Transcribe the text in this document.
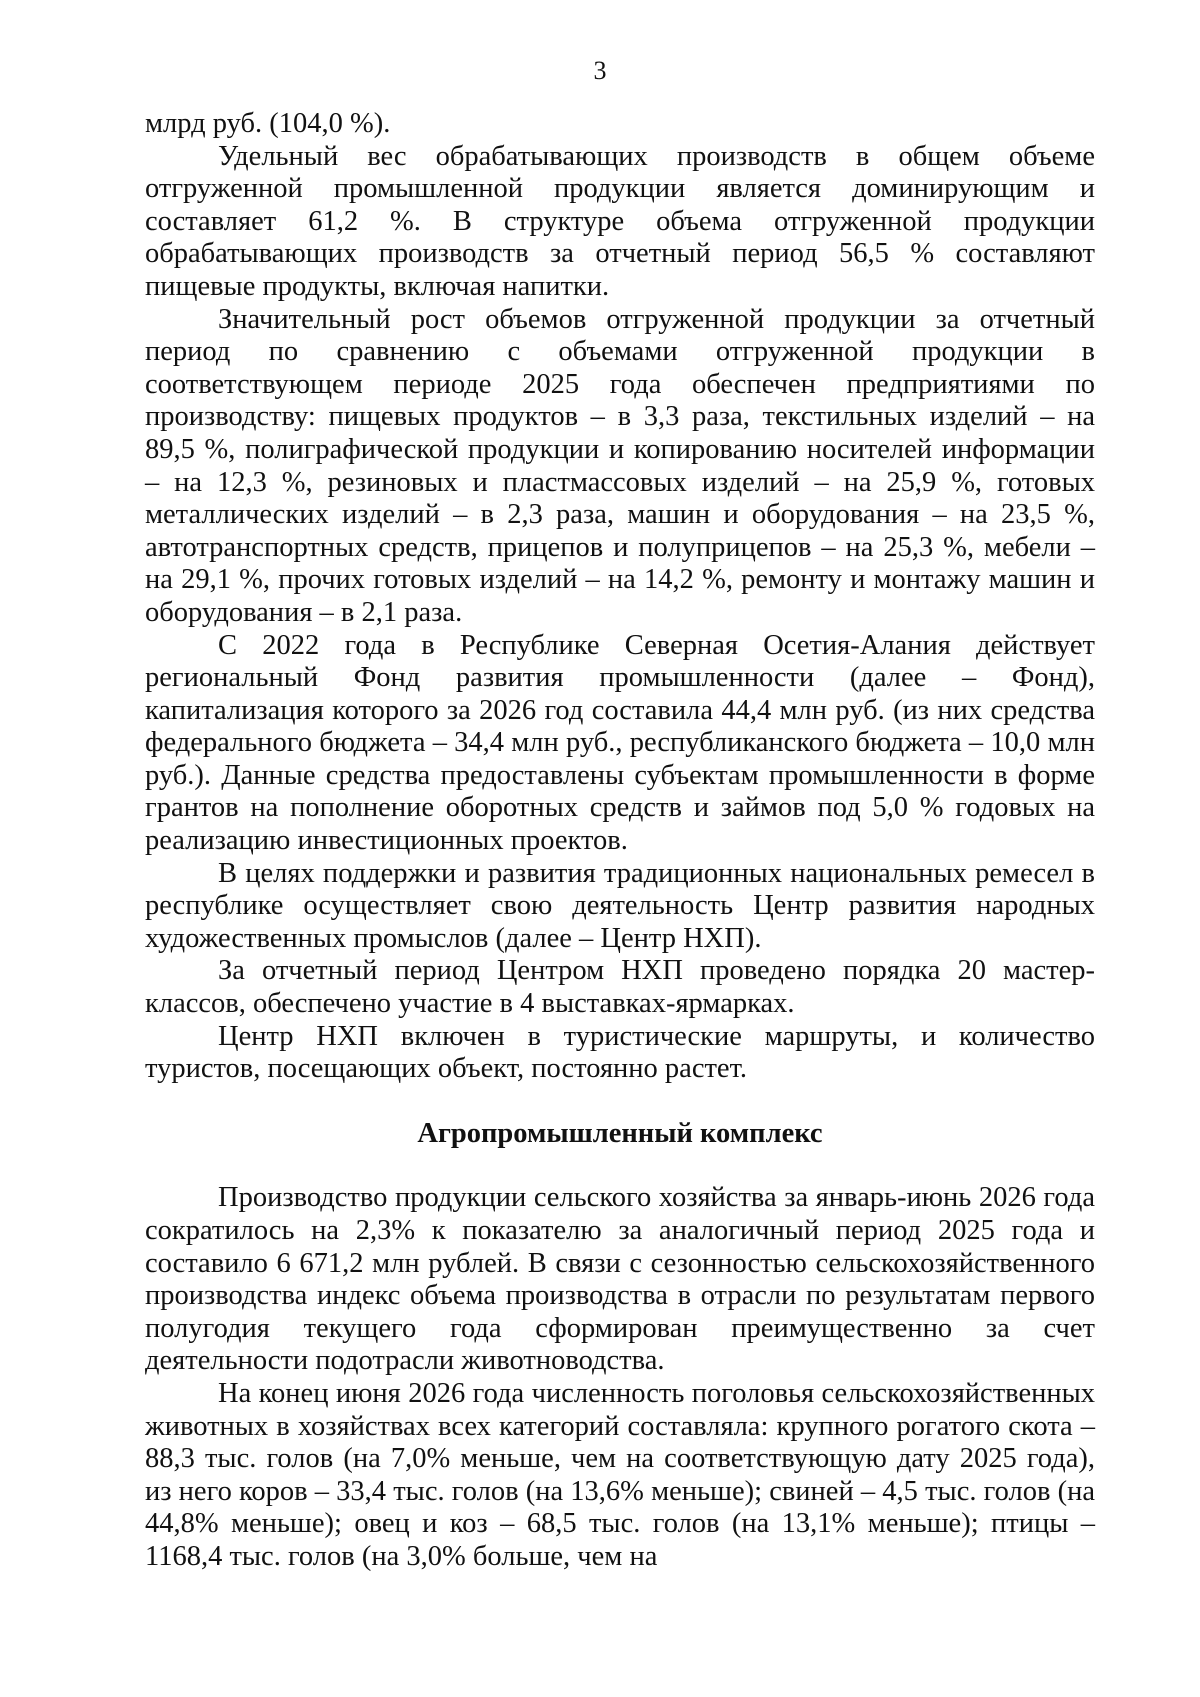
3

млрд руб. (104,0 %).

Удельный вес обрабатывающих производств в общем объеме отгруженной промышленной продукции является доминирующим и составляет 61,2 %. В структуре объема отгруженной продукции обрабатывающих производств за отчетный период 56,5 % составляют пищевые продукты, включая напитки.

Значительный рост объемов отгруженной продукции за отчетный период по сравнению с объемами отгруженной продукции в соответствующем периоде 2025 года обеспечен предприятиями по производству: пищевых продуктов – в 3,3 раза, текстильных изделий – на 89,5 %, полиграфической продукции и копированию носителей информации – на 12,3 %, резиновых и пластмассовых изделий – на 25,9 %, готовых металлических изделий – в 2,3 раза, машин и оборудования – на 23,5 %, автотранспортных средств, прицепов и полуприцепов – на 25,3 %, мебели – на 29,1 %, прочих готовых изделий – на 14,2 %, ремонту и монтажу машин и оборудования – в 2,1 раза.

С 2022 года в Республике Северная Осетия-Алания действует региональный Фонд развития промышленности (далее – Фонд), капитализация которого за 2026 год составила 44,4 млн руб. (из них средства федерального бюджета – 34,4 млн руб., республиканского бюджета – 10,0 млн руб.). Данные средства предоставлены субъектам промышленности в форме грантов на пополнение оборотных средств и займов под 5,0 % годовых на реализацию инвестиционных проектов.

В целях поддержки и развития традиционных национальных ремесел в республике осуществляет свою деятельность Центр развития народных художественных промыслов (далее – Центр НХП).

За отчетный период Центром НХП проведено порядка 20 мастер-классов, обеспечено участие в 4 выставках-ярмарках.

Центр НХП включен в туристические маршруты, и количество туристов, посещающих объект, постоянно растет.

Агропромышленный комплекс

Производство продукции сельского хозяйства за январь-июнь 2026 года сократилось на 2,3% к показателю за аналогичный период 2025 года и составило 6 671,2 млн рублей. В связи с сезонностью сельскохозяйственного производства индекс объема производства в отрасли по результатам первого полугодия текущего года сформирован преимущественно за счет деятельности подотрасли животноводства.

На конец июня 2026 года численность поголовья сельскохозяйственных животных в хозяйствах всех категорий составляла: крупного рогатого скота – 88,3 тыс. голов (на 7,0% меньше, чем на соответствующую дату 2025 года), из него коров – 33,4 тыс. голов (на 13,6% меньше); свиней – 4,5 тыс. голов (на 44,8% меньше); овец и коз – 68,5 тыс. голов (на 13,1% меньше); птицы – 1168,4 тыс. голов (на 3,0% больше, чем на
